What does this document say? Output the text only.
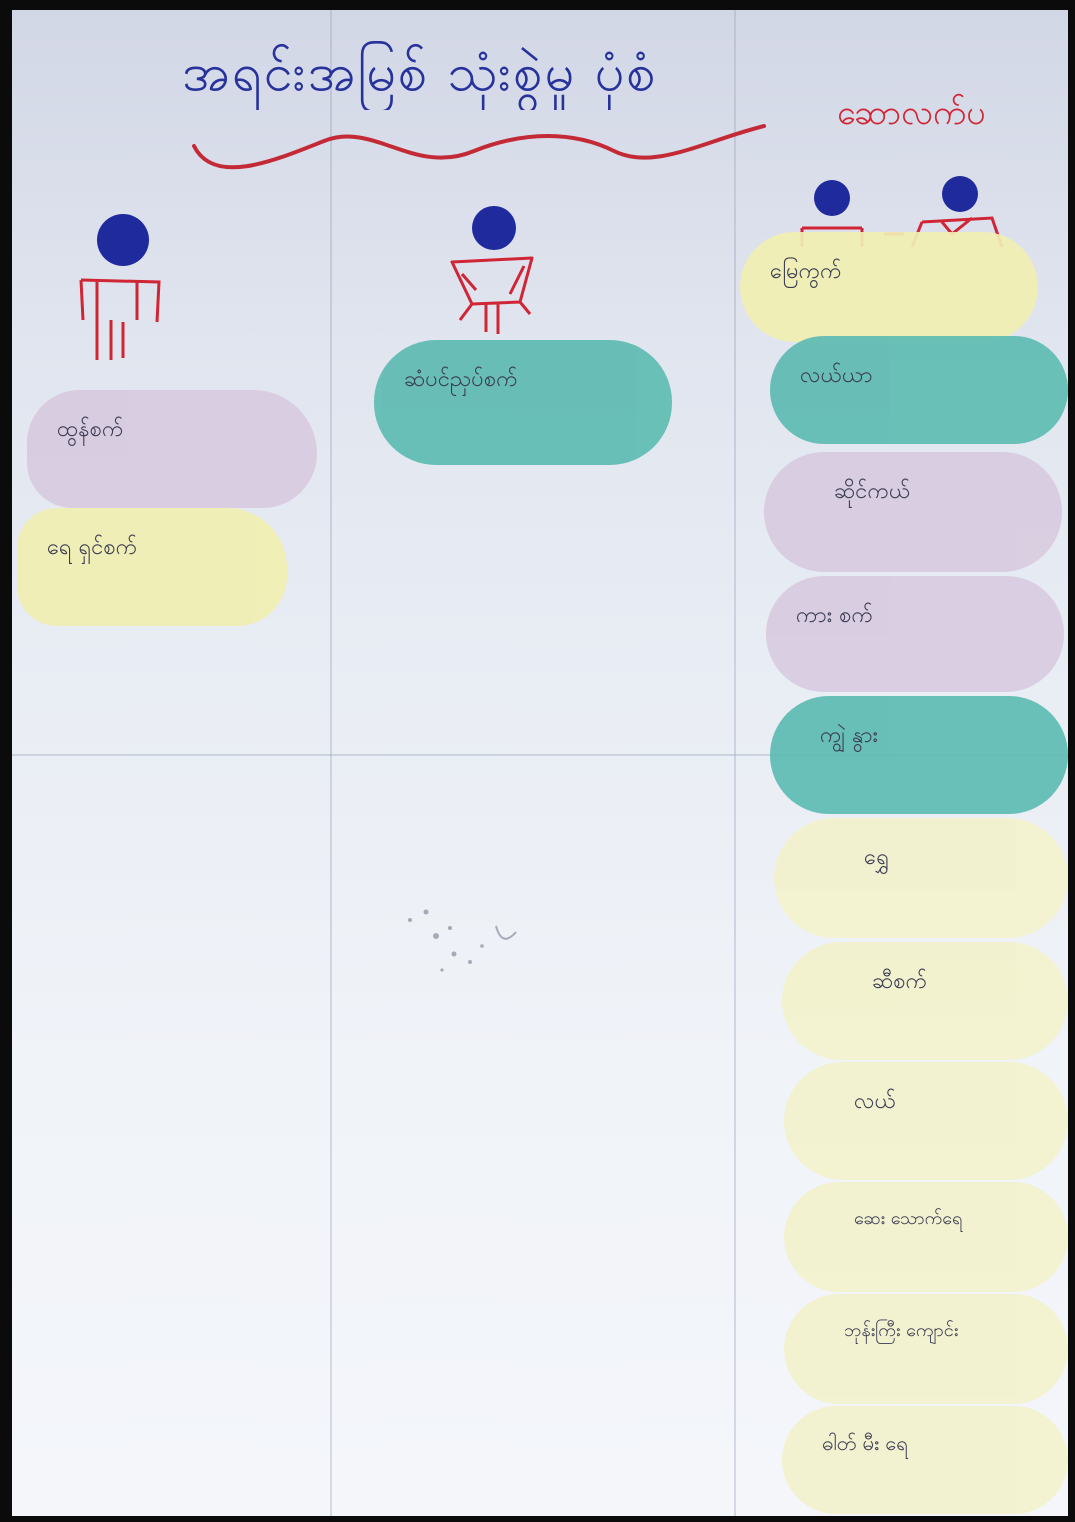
အရင်းအမြစ် သုံးစွဲမှု ပုံစံ
ဆောလက်ပ
ထွန်စက်
ရေ ရှင်စက်
ဆံပင်ညှပ်စက်
မြေကွက်
လယ်ယာ
ဆိုင်ကယ်
ကား စက်
ကျွဲ နွား
ရွှေ
ဆီစက်
လယ်
ဆေး သောက်ရေ
ဘုန်းကြီး ကျောင်း
ဓါတ် မီး ရေ
